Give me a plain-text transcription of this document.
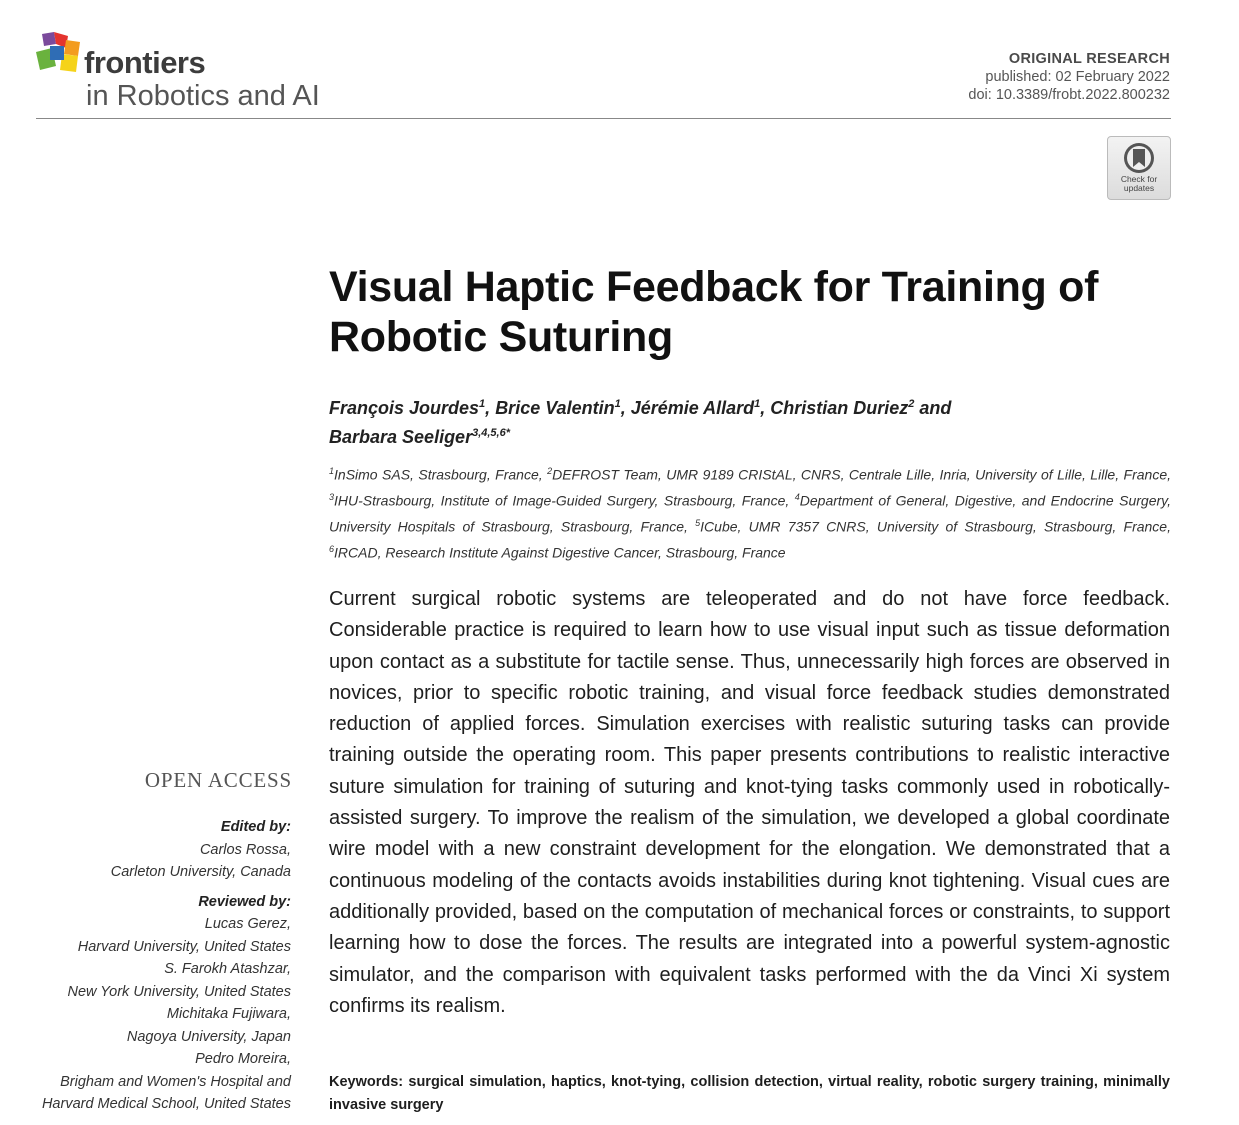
frontiers
in Robotics and AI
ORIGINAL RESEARCH
published: 02 February 2022
doi: 10.3389/frobt.2022.800232
Check for updates
Visual Haptic Feedback for Training of Robotic Suturing
François Jourdes$^1$, Brice Valentin$^1$, Jérémie Allard$^1$, Christian Duriez$^2$ and
Barbara Seeliger$^{3,4,5,6*}$
$^1$InSimo SAS, Strasbourg, France, $^2$DEFROST Team, UMR 9189 CRIStAL, CNRS, Centrale Lille, Inria, University of Lille, Lille, France, $^3$IHU-Strasbourg, Institute of Image-Guided Surgery, Strasbourg, France, $^4$Department of General, Digestive, and Endocrine Surgery, University Hospitals of Strasbourg, Strasbourg, France, $^5$ICube, UMR 7357 CNRS, University of Strasbourg, Strasbourg, France, $^6$IRCAD, Research Institute Against Digestive Cancer, Strasbourg, France
Current surgical robotic systems are teleoperated and do not have force feedback. Considerable practice is required to learn how to use visual input such as tissue deformation upon contact as a substitute for tactile sense. Thus, unnecessarily high forces are observed in novices, prior to specific robotic training, and visual force feedback studies demonstrated reduction of applied forces. Simulation exercises with realistic suturing tasks can provide training outside the operating room. This paper presents contributions to realistic interactive suture simulation for training of suturing and knot-tying tasks commonly used in robotically-assisted surgery. To improve the realism of the simulation, we developed a global coordinate wire model with a new constraint development for the elongation. We demonstrated that a continuous modeling of the contacts avoids instabilities during knot tightening. Visual cues are additionally provided, based on the computation of mechanical forces or constraints, to support learning how to dose the forces. The results are integrated into a powerful system-agnostic simulator, and the comparison with equivalent tasks performed with the da Vinci Xi system confirms its realism.
Keywords: surgical simulation, haptics, knot-tying, collision detection, virtual reality, robotic surgery training, minimally invasive surgery
OPEN ACCESS
Edited by:
Carlos Rossa,
Carleton University, Canada
Reviewed by:
Lucas Gerez,
Harvard University, United States
S. Farokh Atashzar,
New York University, United States
Michitaka Fujiwara,
Nagoya University, Japan
Pedro Moreira,
Brigham and Women's Hospital and Harvard Medical School, United States
